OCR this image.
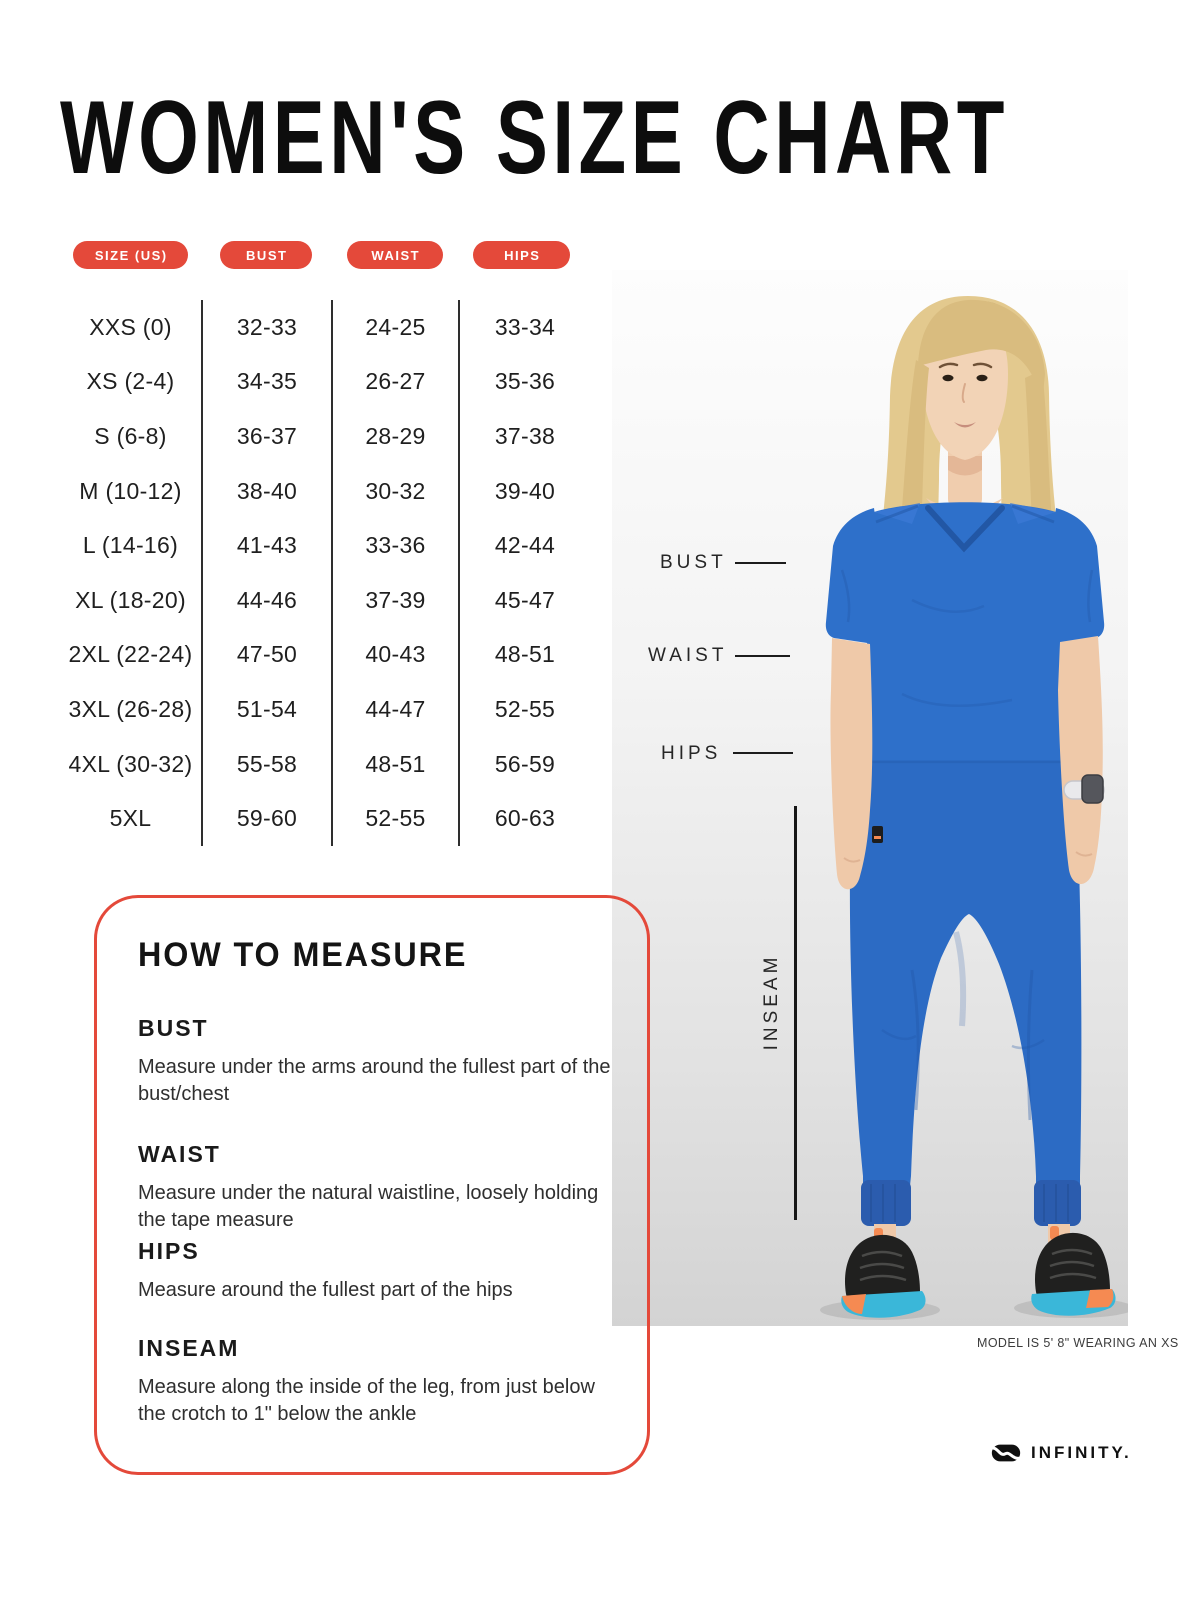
WOMEN'S SIZE CHART
SIZE (US)	BUST	WAIST	HIPS
XXS (0)	32-33	24-25	33-34
XS (2-4)	34-35	26-27	35-36
S (6-8)	36-37	28-29	37-38
M (10-12)	38-40	30-32	39-40
L (14-16)	41-43	33-36	42-44
XL (18-20)	44-46	37-39	45-47
2XL (22-24)	47-50	40-43	48-51
3XL (26-28)	51-54	44-47	52-55
4XL (30-32)	55-58	48-51	56-59
5XL	59-60	52-55	60-63
BUST
WAIST
HIPS
INSEAM
MODEL IS 5' 8" WEARING AN XS
HOW TO MEASURE
BUST

Measure under the arms around the fullest part of the bust/chest

WAIST

Measure under the natural waistline, loosely holding the tape measure

HIPS

Measure around the fullest part of the hips

INSEAM

Measure along the inside of the leg, from just below the crotch to 1" below the ankle

INFINITY.
